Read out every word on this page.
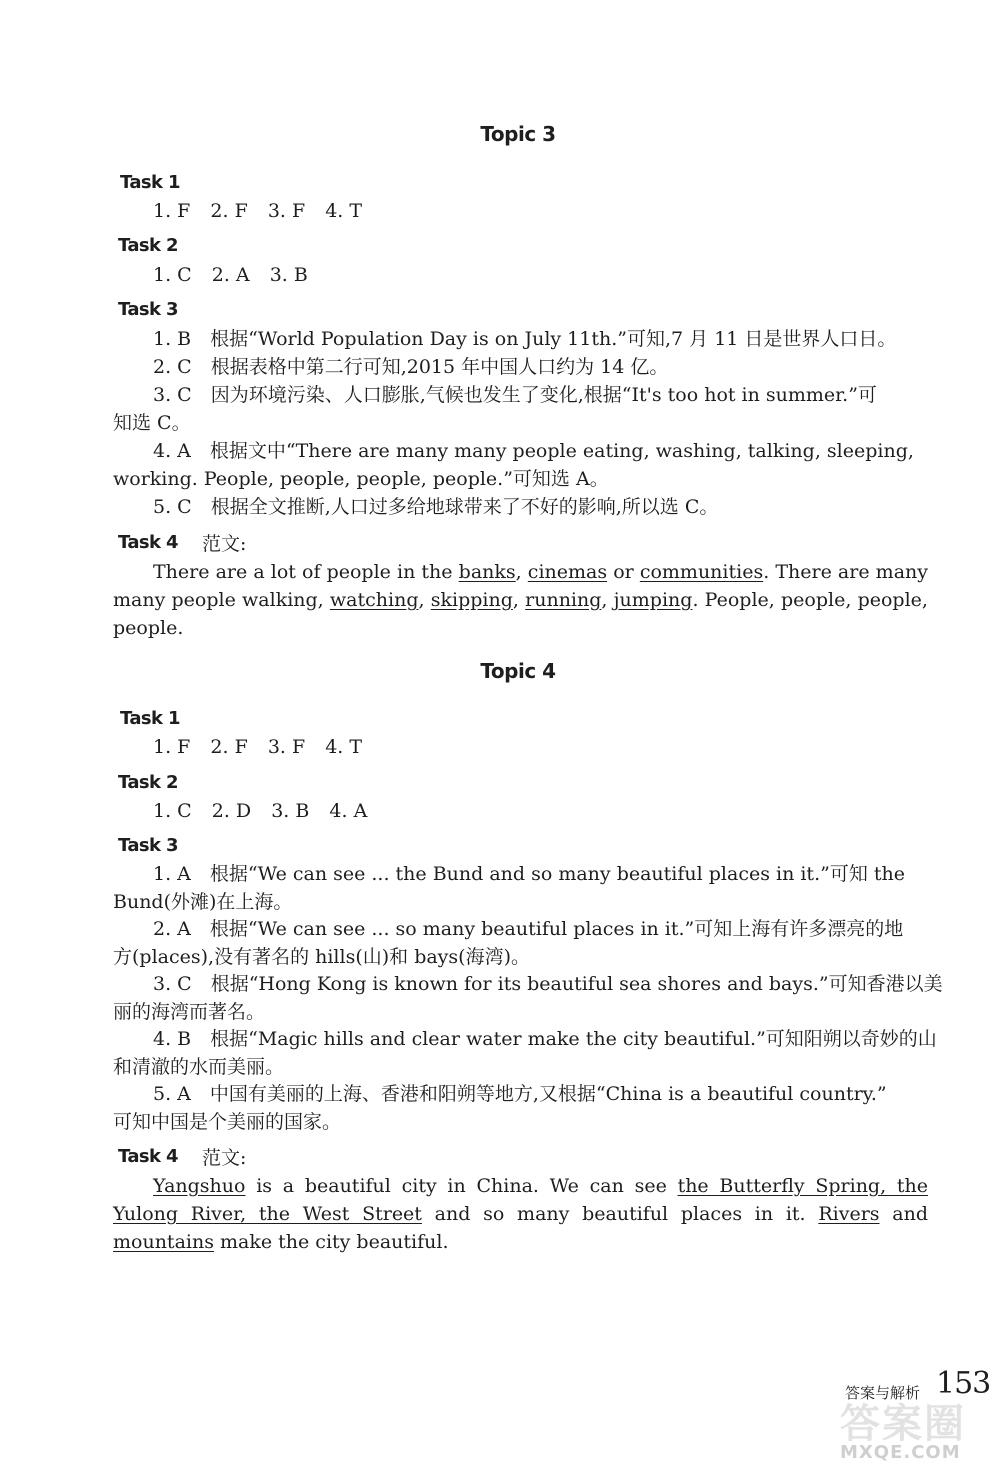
Topic 3
Task 1
1. F 2. F 3. F 4. T
Task 2
1. C 2. A 3. B
Task 3
1. B　根据“World Population Day is on July 11th.”可知,7 月 11 日是世界人口日。
2. C　根据表格中第二行可知,2015 年中国人口约为 14 亿。
3. C　因为环境污染、人口膨胀,气候也发生了变化,根据“It's too hot in summer.”可
知选 C。
4. A　根据文中“There are many many people eating, washing, talking, sleeping,
working. People, people, people, people.”可知选 A。
5. C　根据全文推断,人口过多给地球带来了不好的影响,所以选 C。
Task 4 范文:
There are a lot of people in the banks, cinemas or communities. There are many many people walking, watching, skipping, running, jumping. People, people, people, people.
Topic 4
Task 1
1. F 2. F 3. F 4. T
Task 2
1. C 2. D 3. B 4. A
Task 3
1. A　根据“We can see ... the Bund and so many beautiful places in it.”可知 the
Bund(外滩)在上海。
2. A　根据“We can see ... so many beautiful places in it.”可知上海有许多漂亮的地
方(places),没有著名的 hills(山)和 bays(海湾)。
3. C　根据“Hong Kong is known for its beautiful sea shores and bays.”可知香港以美
丽的海湾而著名。
4. B　根据“Magic hills and clear water make the city beautiful.”可知阳朔以奇妙的山
和清澈的水而美丽。
5. A　中国有美丽的上海、香港和阳朔等地方,又根据“China is a beautiful country.”
可知中国是个美丽的国家。
Task 4 范文:
Yangshuo is a beautiful city in China. We can see the Butterfly Spring, the Yulong River, the West Street and so many beautiful places in it. Rivers and mountains make the city beautiful.
答案与解析 153
答案圈
MXQE.COM
